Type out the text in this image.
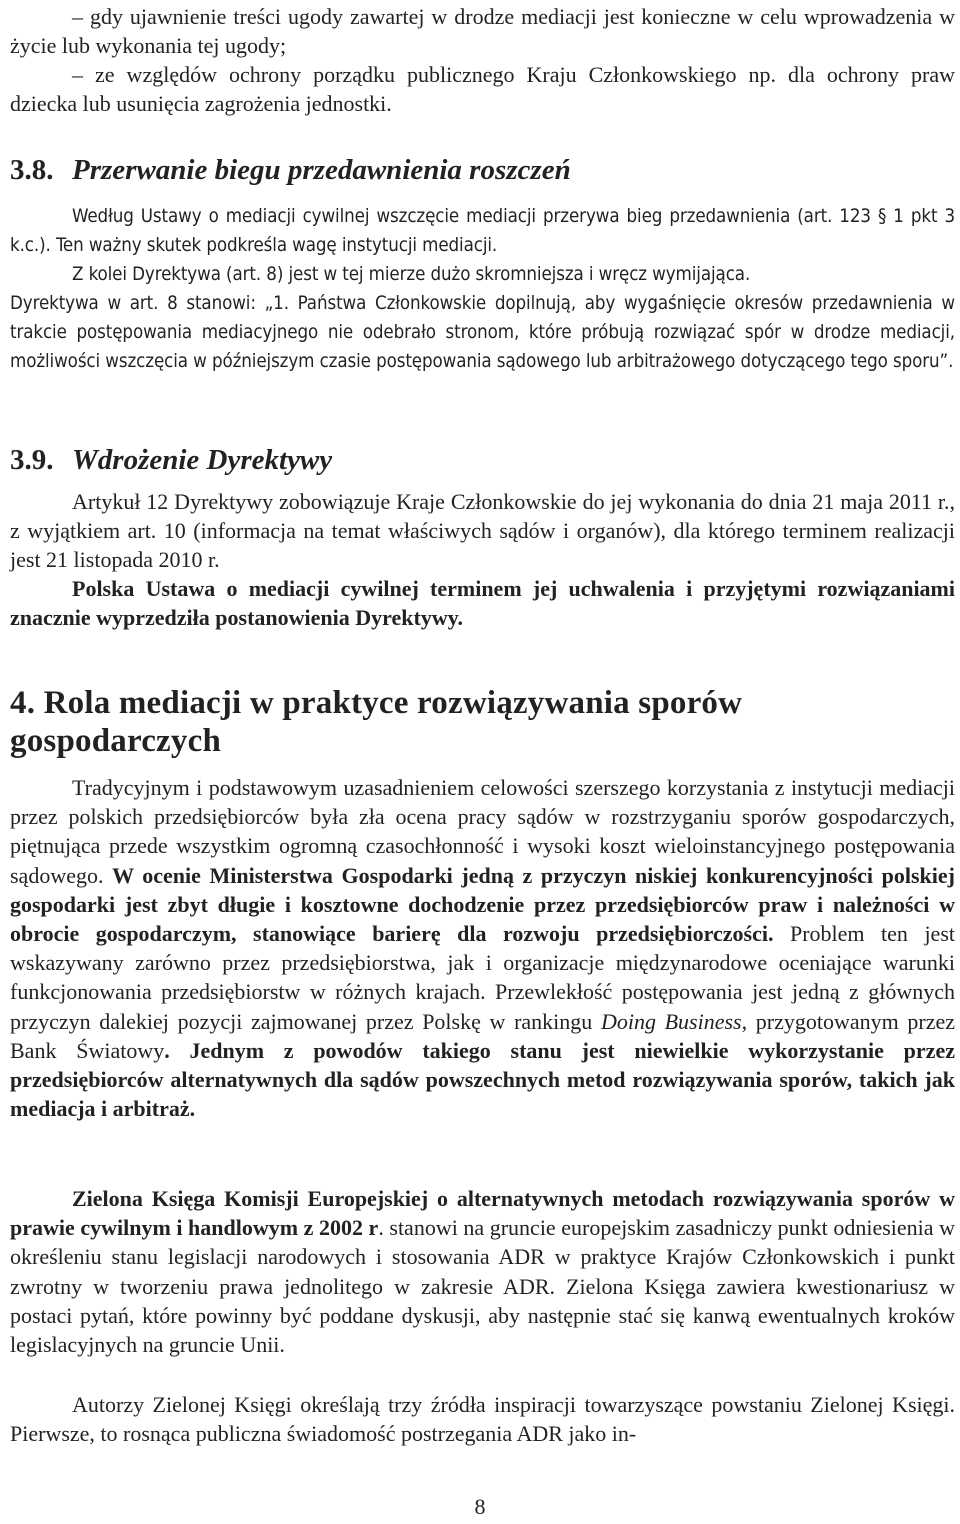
– gdy ujawnienie treści ugody zawartej w drodze mediacji jest konieczne w celu wprowadzenia w życie lub wykonania tej ugody;

– ze względów ochrony porządku publicznego Kraju Członkowskiego np. dla ochrony praw dziecka lub usunięcia zagrożenia jednostki.

3.8. Przerwanie biegu przedawnienia roszczeń

Według Ustawy o mediacji cywilnej wszczęcie mediacji przerywa bieg przedawnienia (art. 123 § 1 pkt 3 k.c.). Ten ważny skutek podkreśla wagę instytucji mediacji.

Z kolei Dyrektywa (art. 8) jest w tej mierze dużo skromniejsza i wręcz wymijająca.

Dyrektywa w art. 8 stanowi: „1. Państwa Członkowskie dopilnują, aby wygaśnięcie okresów przedawnienia w trakcie postępowania mediacyjnego nie odebrało stronom, które próbują rozwiązać spór w drodze mediacji, możliwości wszczęcia w późniejszym czasie postępowania sądowego lub arbitrażowego dotyczącego tego sporu”.

3.9. Wdrożenie Dyrektywy

Artykuł 12 Dyrektywy zobowiązuje Kraje Członkowskie do jej wykonania do dnia 21 maja 2011 r., z wyjątkiem art. 10 (informacja na temat właściwych sądów i organów), dla którego terminem realizacji jest 21 listopada 2010 r.

Polska Ustawa o mediacji cywilnej terminem jej uchwalenia i przyjętymi rozwiązaniami znacznie wyprzedziła postanowienia Dyrektywy.

4. Rola mediacji w praktyce rozwiązywania sporów
gospodarczych

Tradycyjnym i podstawowym uzasadnieniem celowości szerszego korzystania z instytucji mediacji przez polskich przedsiębiorców była zła ocena pracy sądów w rozstrzyganiu sporów gospodarczych, piętnująca przede wszystkim ogromną czasochłonność i wysoki koszt wieloinstancyjnego postępowania sądowego. W ocenie Ministerstwa Gospodarki jedną z przyczyn niskiej konkurencyjności polskiej gospodarki jest zbyt długie i kosztowne dochodzenie przez przedsiębiorców praw i należności w obrocie gospodarczym, stanowiące barierę dla rozwoju przedsiębiorczości. Problem ten jest wskazywany zarówno przez przedsiębiorstwa, jak i organizacje międzynarodowe oceniające warunki funkcjonowania przedsiębiorstw w różnych krajach. Przewlekłość postępowania jest jedną z głównych przyczyn dalekiej pozycji zajmowanej przez Polskę w rankingu Doing Business, przygotowanym przez Bank Światowy. Jednym z powodów takiego stanu jest niewielkie wykorzystanie przez przedsiębiorców alternatywnych dla sądów powszechnych metod rozwiązywania sporów, takich jak mediacja i arbitraż.

Zielona Księga Komisji Europejskiej o alternatywnych metodach rozwiązywania sporów w prawie cywilnym i handlowym z 2002 r. stanowi na gruncie europejskim zasadniczy punkt odniesienia w określeniu stanu legislacji narodowych i stosowania ADR w praktyce Krajów Członkowskich i punkt zwrotny w tworzeniu prawa jednolitego w zakresie ADR. Zielona Księga zawiera kwestionariusz w postaci pytań, które powinny być poddane dyskusji, aby następnie stać się kanwą ewentualnych kroków legislacyjnych na gruncie Unii.

Autorzy Zielonej Księgi określają trzy źródła inspiracji towarzyszące powstaniu Zielonej Księgi. Pierwsze, to rosnąca publiczna świadomość postrzegania ADR jako in-

8
